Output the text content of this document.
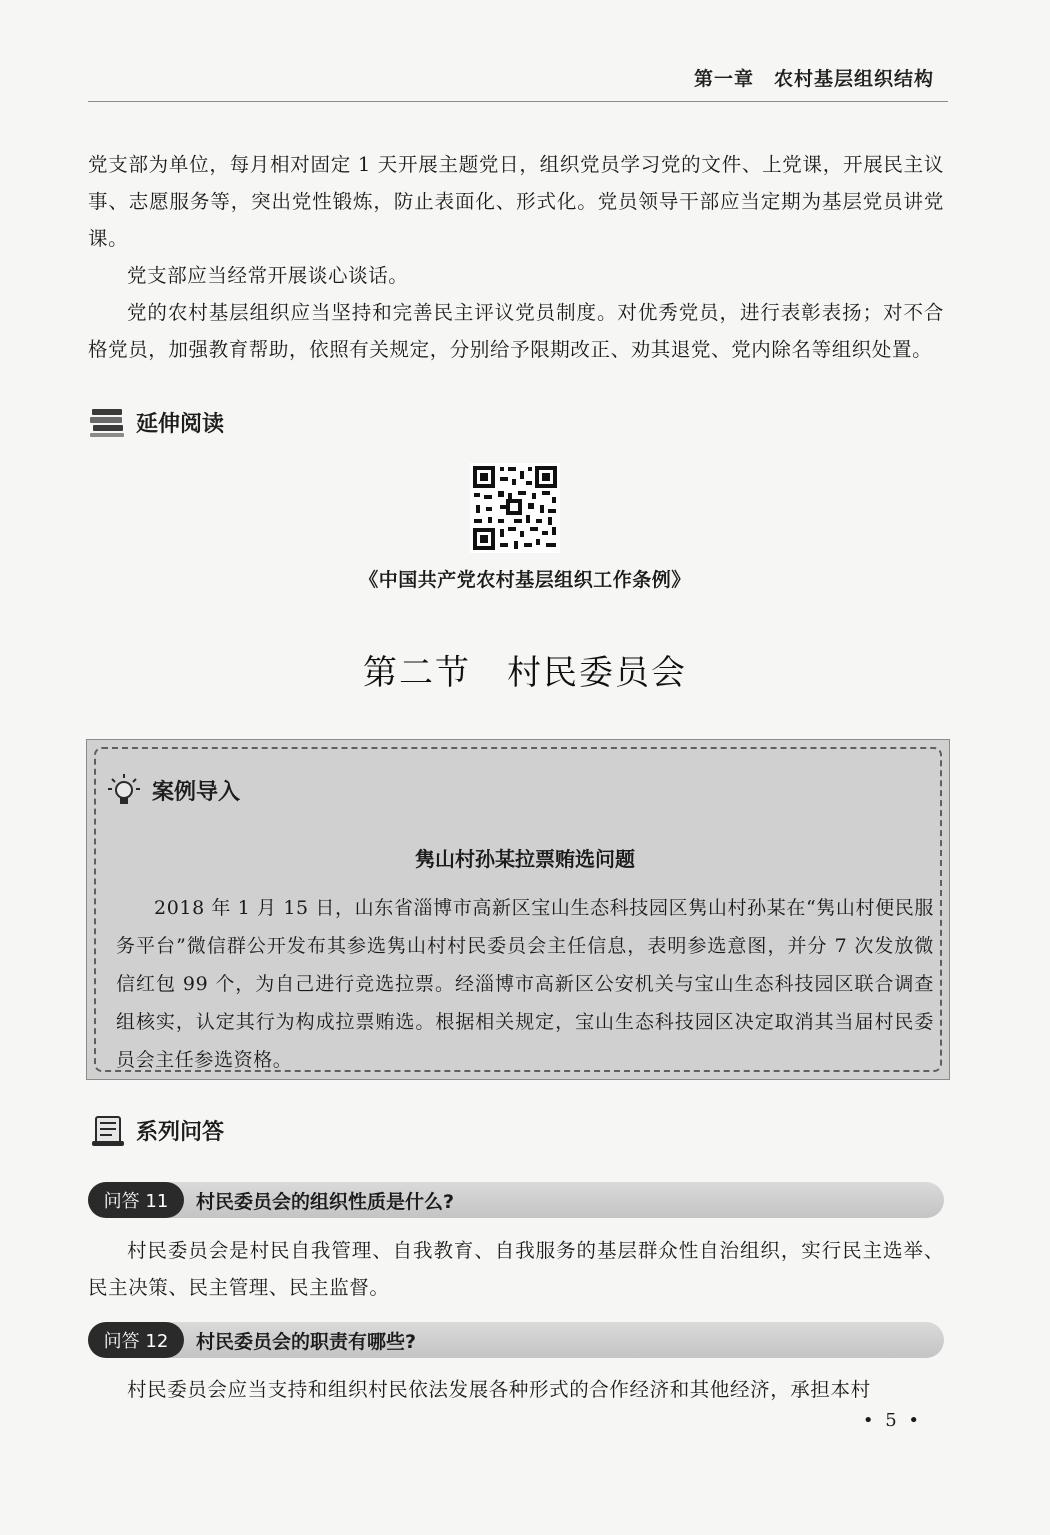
第一章　农村基层组织结构

党支部为单位，每月相对固定 1 天开展主题党日，组织党员学习党的文件、上党课，开展民主议事、志愿服务等，突出党性锻炼，防止表面化、形式化。党员领导干部应当定期为基层党员讲党课。

党支部应当经常开展谈心谈话。

党的农村基层组织应当坚持和完善民主评议党员制度。对优秀党员，进行表彰表扬；对不合格党员，加强教育帮助，依照有关规定，分别给予限期改正、劝其退党、党内除名等组织处置。

延伸阅读
《中国共产党农村基层组织工作条例》
第二节　村民委员会
案例导入
隽山村孙某拉票贿选问题

2018 年 1 月 15 日，山东省淄博市高新区宝山生态科技园区隽山村孙某在“隽山村便民服务平台”微信群公开发布其参选隽山村村民委员会主任信息，表明参选意图，并分 7 次发放微信红包 99 个，为自己进行竞选拉票。经淄博市高新区公安机关与宝山生态科技园区联合调查组核实，认定其行为构成拉票贿选。根据相关规定，宝山生态科技园区决定取消其当届村民委员会主任参选资格。

系列问答
问答 11	村民委员会的组织性质是什么?

村民委员会是村民自我管理、自我教育、自我服务的基层群众性自治组织，实行民主选举、民主决策、民主管理、民主监督。

问答 12	村民委员会的职责有哪些?

村民委员会应当支持和组织村民依法发展各种形式的合作经济和其他经济，承担本村

• 5 •
